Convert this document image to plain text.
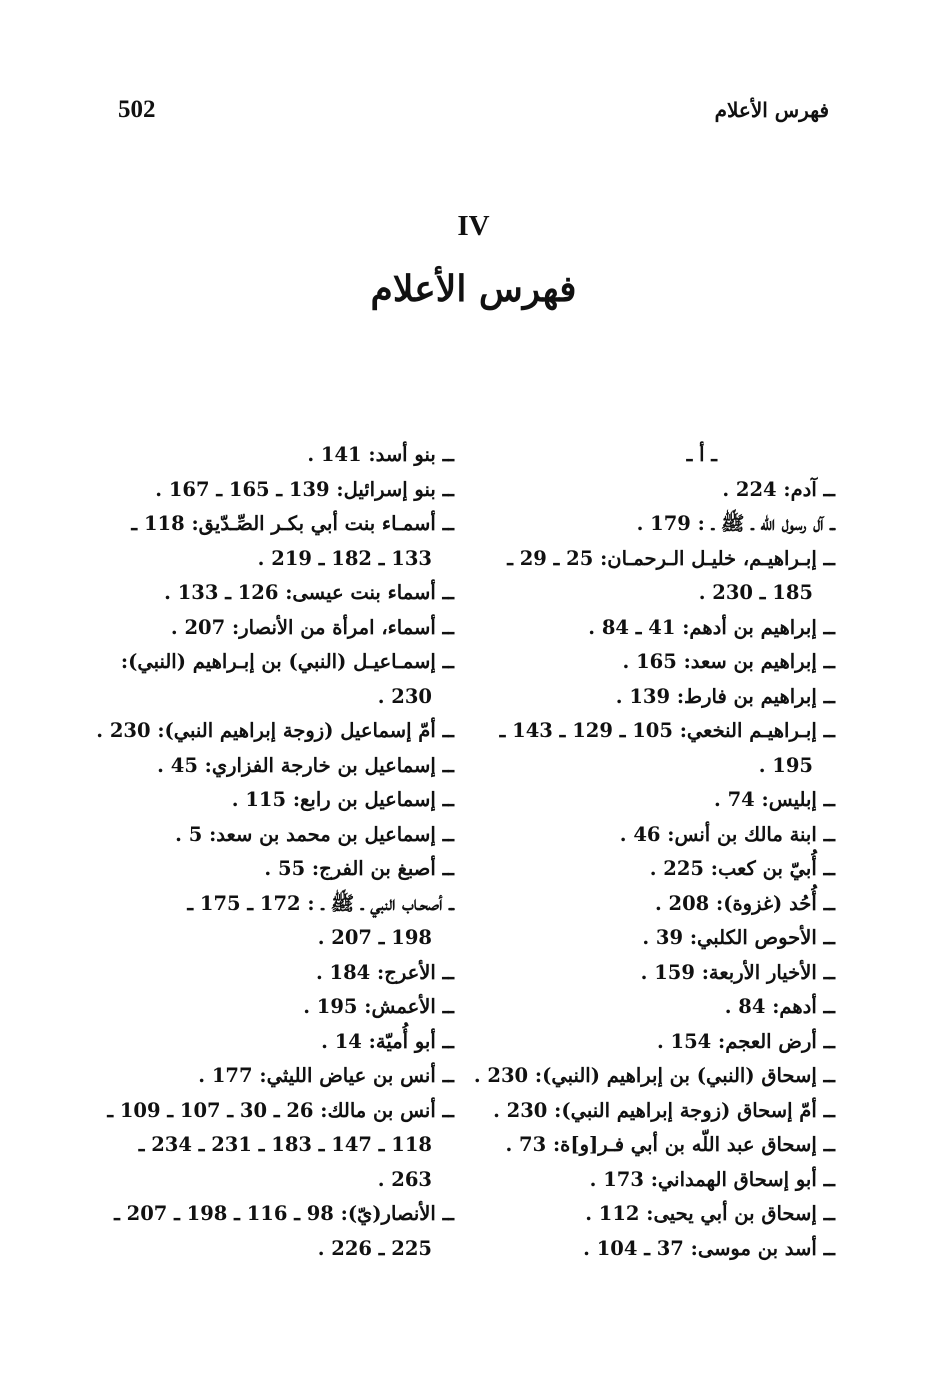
502	فهرس الأعلام
IV
فهرس الأعلام
ـ أ ـ
ــ آدم: 224 .
ــ آل رسول اللّه ـ ﷺ ـ : 179 .
ــ إبـراهيـم، خليـل الـرحمـان: 25 ـ 29 ـ
185 ـ 230 .
ــ إبراهيم بن أدهم: 41 ـ 84 .
ــ إبراهيم بن سعد: 165 .
ــ إبراهيم بن فارط: 139 .
ــ إبـراهيـم النخعي: 105 ـ 129 ـ 143 ـ
195 .
ــ إبليس: 74 .
ــ ابنة مالك بن أنس: 46 .
ــ أُبيّ بن كعب: 225 .
ــ أُحُد (غزوة): 208 .
ــ الأحوص الكلبي: 39 .
ــ الأخيار الأربعة: 159 .
ــ أدهم: 84 .
ــ أرض العجم: 154 .
ــ إسحاق (النبي) بن إبراهيم (النبي): 230 .
ــ أمّ إسحاق (زوجة إبراهيم النبي): 230 .
ــ إسحاق عبد اللّه بن أبي فـر[و]ة: 73 .
ــ أبو إسحاق الهمداني: 173 .
ــ إسحاق بن أبي يحيى: 112 .
ــ أسد بن موسى: 37 ـ 104 .
ــ بنو أسد: 141 .
ــ بنو إسرائيل: 139 ـ 165 ـ 167 .
ــ أسمـاء بنت أبي بكـر الصِّـدّيق: 118 ـ
133 ـ 182 ـ 219 .
ــ أسماء بنت عيسى: 126 ـ 133 .
ــ أسماء، امرأة من الأنصار: 207 .
ــ إسمـاعيـل (النبي) بن إبـراهيم (النبي):
230 .
ــ أمّ إسماعيل (زوجة إبراهيم النبي): 230 .
ــ إسماعيل بن خارجة الفزاري: 45 .
ــ إسماعيل بن رابع: 115 .
ــ إسماعيل بن محمد بن سعد: 5 .
ــ أصبغ بن الفرج: 55 .
ــ أصحـاب النبي ـ ﷺ ـ : 172 ـ 175 ـ
198 ـ 207 .
ــ الأعرج: 184 .
ــ الأعمش: 195 .
ــ أبو أُميّة: 14 .
ــ أنس بن عياض الليثي: 177 .
ــ أنس بن مالك: 26 ـ 30 ـ 107 ـ 109 ـ
118 ـ 147 ـ 183 ـ 231 ـ 234 ـ
263 .
ــ الأنصار(يّ): 98 ـ 116 ـ 198 ـ 207 ـ
225 ـ 226 .
